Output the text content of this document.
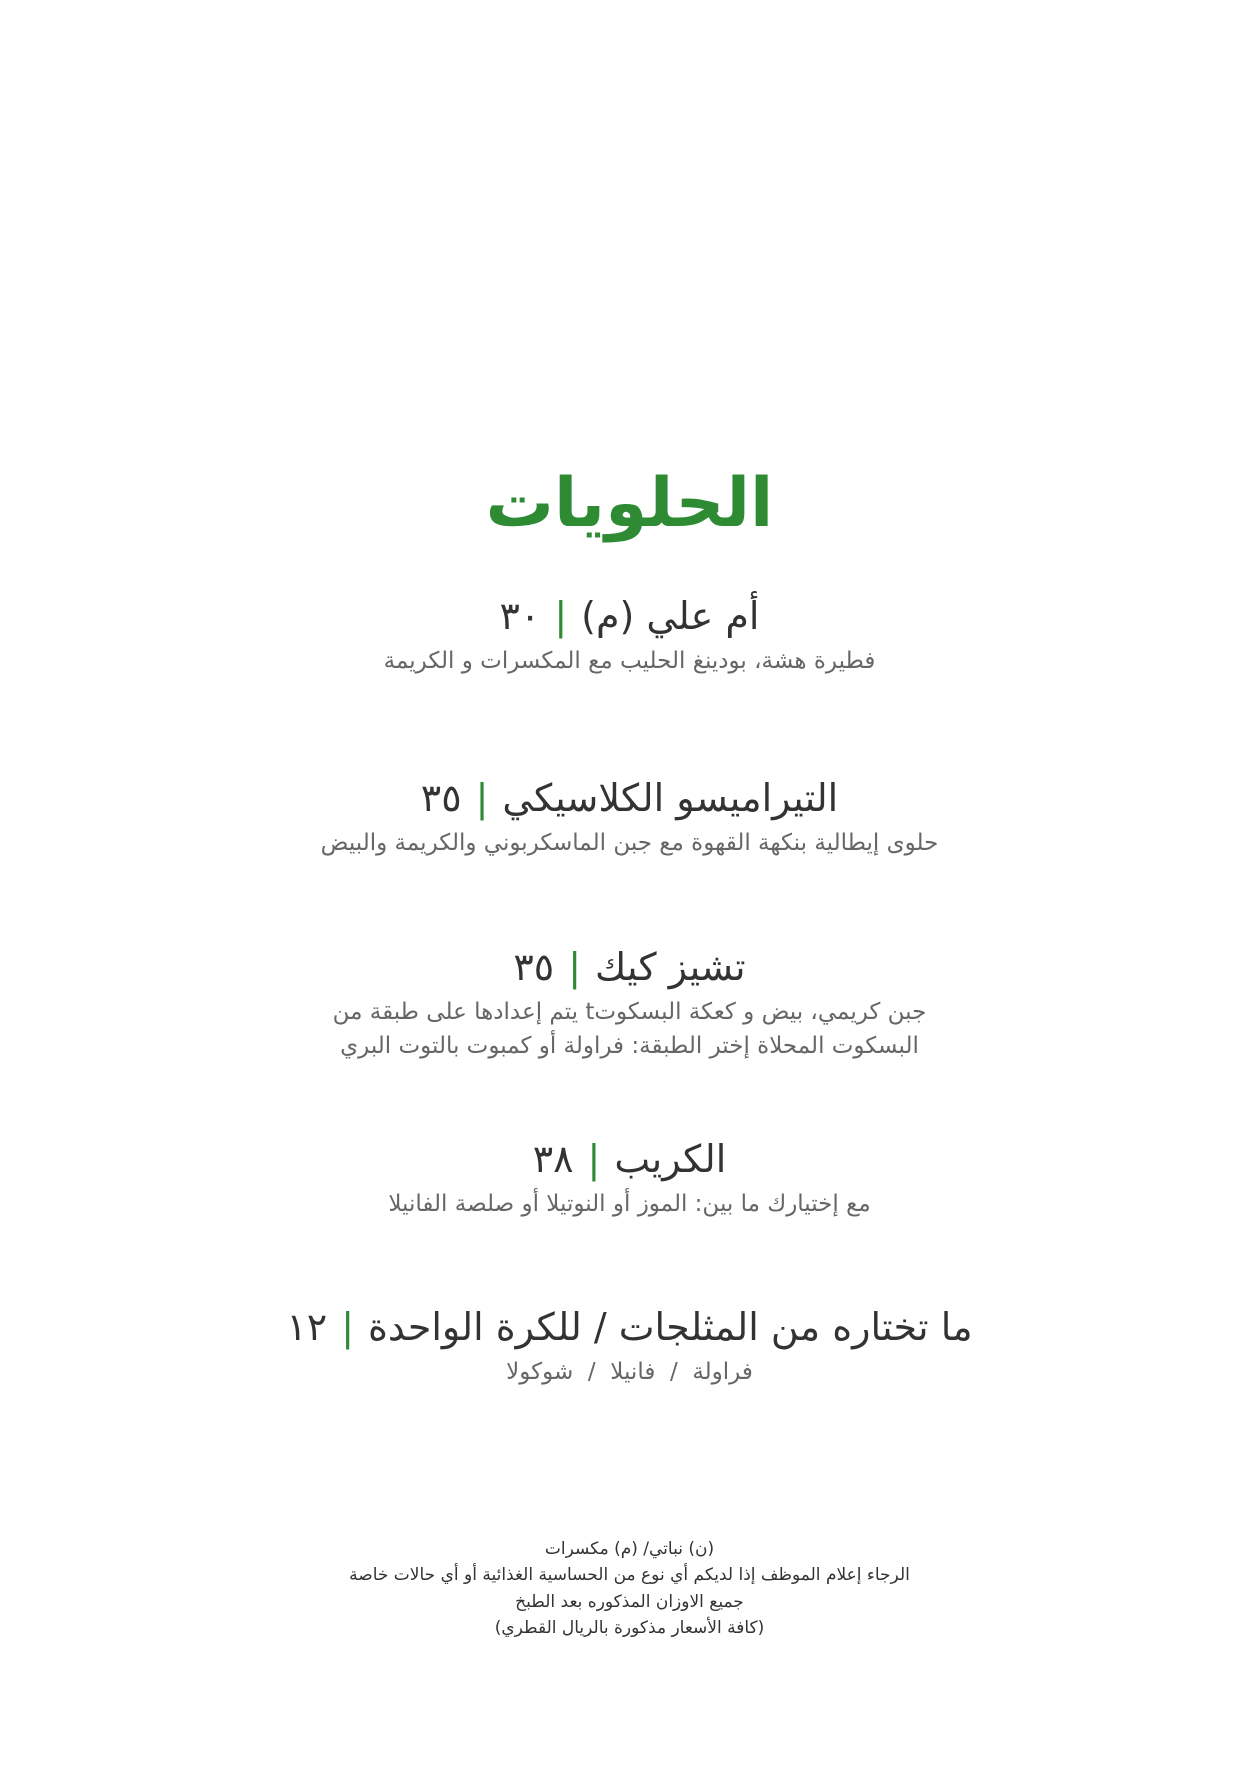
الحلويات
أم علي (م)|٣٠
فطيرة هشة، بودينغ الحليب مع المكسرات و الكريمة
التيراميسو الكلاسيكي|٣٥
حلوى إيطالية بنكهة القهوة مع جبن الماسكربوني والكريمة والبيض
تشيز كيك|٣٥
جبن كريمي، بيض و كعكة البسكوتt يتم إعدادها على طبقة من البسكوت المحلاة إختر الطبقة: فراولة أو كمبوت بالتوت البري
الكريب|٣٨
مع إختيارك ما بين: الموز أو النوتيلا أو صلصة الفانيلا
ما تختاره من المثلجات / للكرة الواحدة|١٢
فراولة  /  فانيلا  /  شوكولا
(ن) نباتي/ (م) مكسرات
الرجاء إعلام الموظف إذا لديكم أي نوع من الحساسية الغذائية أو أي حالات خاصة
جميع الاوزان المذكوره بعد الطبخ
(كافة الأسعار مذكورة بالريال القطري)
